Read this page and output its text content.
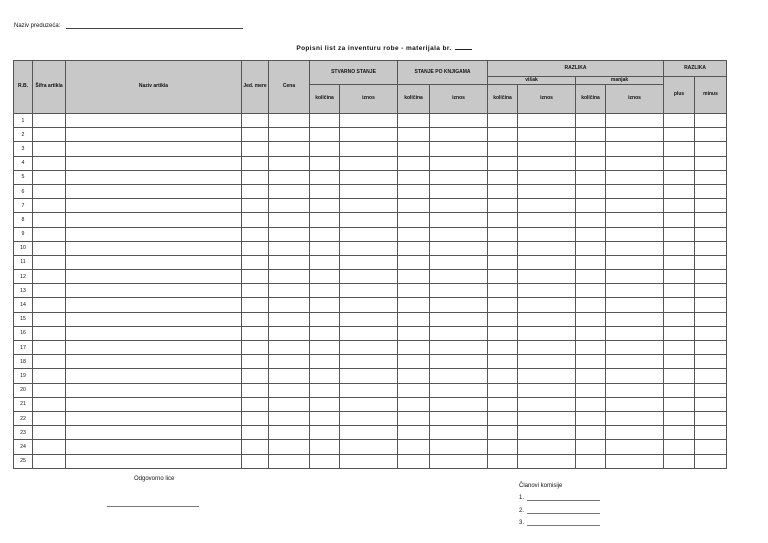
Naziv preduzeća:
Popisni list za inventuru robe - materijala br.
R.B.	Šifra artikla	Naziv artikla	Jed. mere	Cena	STVARNO STANJE		STANJE PO KNJIGAMA		RAZLIKA				RAZLIKA	
									višak		manjak		plus	minus
					količina	iznos	količina	iznos	količina	iznos	količina	iznos		
1														
2														
3														
4														
5														
6														
7														
8														
9														
10														
11														
12														
13														
14														
15														
16														
17														
18														
19														
20														
21														
22														
23														
24														
25														
Odgovorno lice
Članovi komisije
1.
2.
3.
